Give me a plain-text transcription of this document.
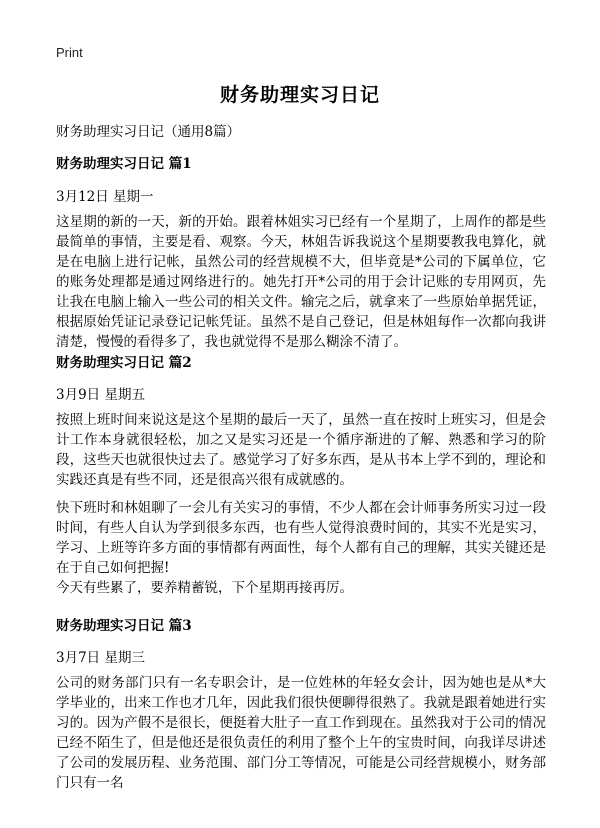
Print
财务助理实习日记
财务助理实习日记（通用8篇）
财务助理实习日记 篇1
3月12日 星期一
这星期的新的一天，新的开始。跟着林姐实习已经有一个星期了，上周作的都是些最简单的事情，主要是看、观察。今天，林姐告诉我说这个星期要教我电算化，就是在电脑上进行记帐，虽然公司的经营规模不大，但毕竟是*公司的下属单位，它的账务处理都是通过网络进行的。她先打开*公司的用于会计记账的专用网页，先让我在电脑上输入一些公司的相关文件。输完之后，就拿来了一些原始单据凭证，根据原始凭证记录登记记帐凭证。虽然不是自己登记，但是林姐每作一次都向我讲清楚，慢慢的看得多了，我也就觉得不是那么糊涂不清了。
财务助理实习日记 篇2
3月9日 星期五
按照上班时间来说这是这个星期的最后一天了，虽然一直在按时上班实习，但是会计工作本身就很轻松，加之又是实习还是一个循序渐进的了解、熟悉和学习的阶段，这些天也就很快过去了。感觉学习了好多东西，是从书本上学不到的，理论和实践还真是有些不同，还是很高兴很有成就感的。
快下班时和林姐聊了一会儿有关实习的事情，不少人都在会计师事务所实习过一段时间，有些人自认为学到很多东西，也有些人觉得浪费时间的，其实不光是实习，学习、上班等许多方面的事情都有两面性，每个人都有自己的理解，其实关键还是在于自己如何把握!
今天有些累了，要养精蓄锐，下个星期再接再厉。
财务助理实习日记 篇3
3月7日 星期三
公司的财务部门只有一名专职会计，是一位姓林的年轻女会计，因为她也是从*大学毕业的，出来工作也才几年，因此我们很快便聊得很熟了。我就是跟着她进行实习的。因为产假不是很长，便挺着大肚子一直工作到现在。虽然我对于公司的情况已经不陌生了，但是他还是很负责任的利用了整个上午的宝贵时间，向我详尽讲述了公司的发展历程、业务范围、部门分工等情况，可能是公司经营规模小，财务部门只有一名
